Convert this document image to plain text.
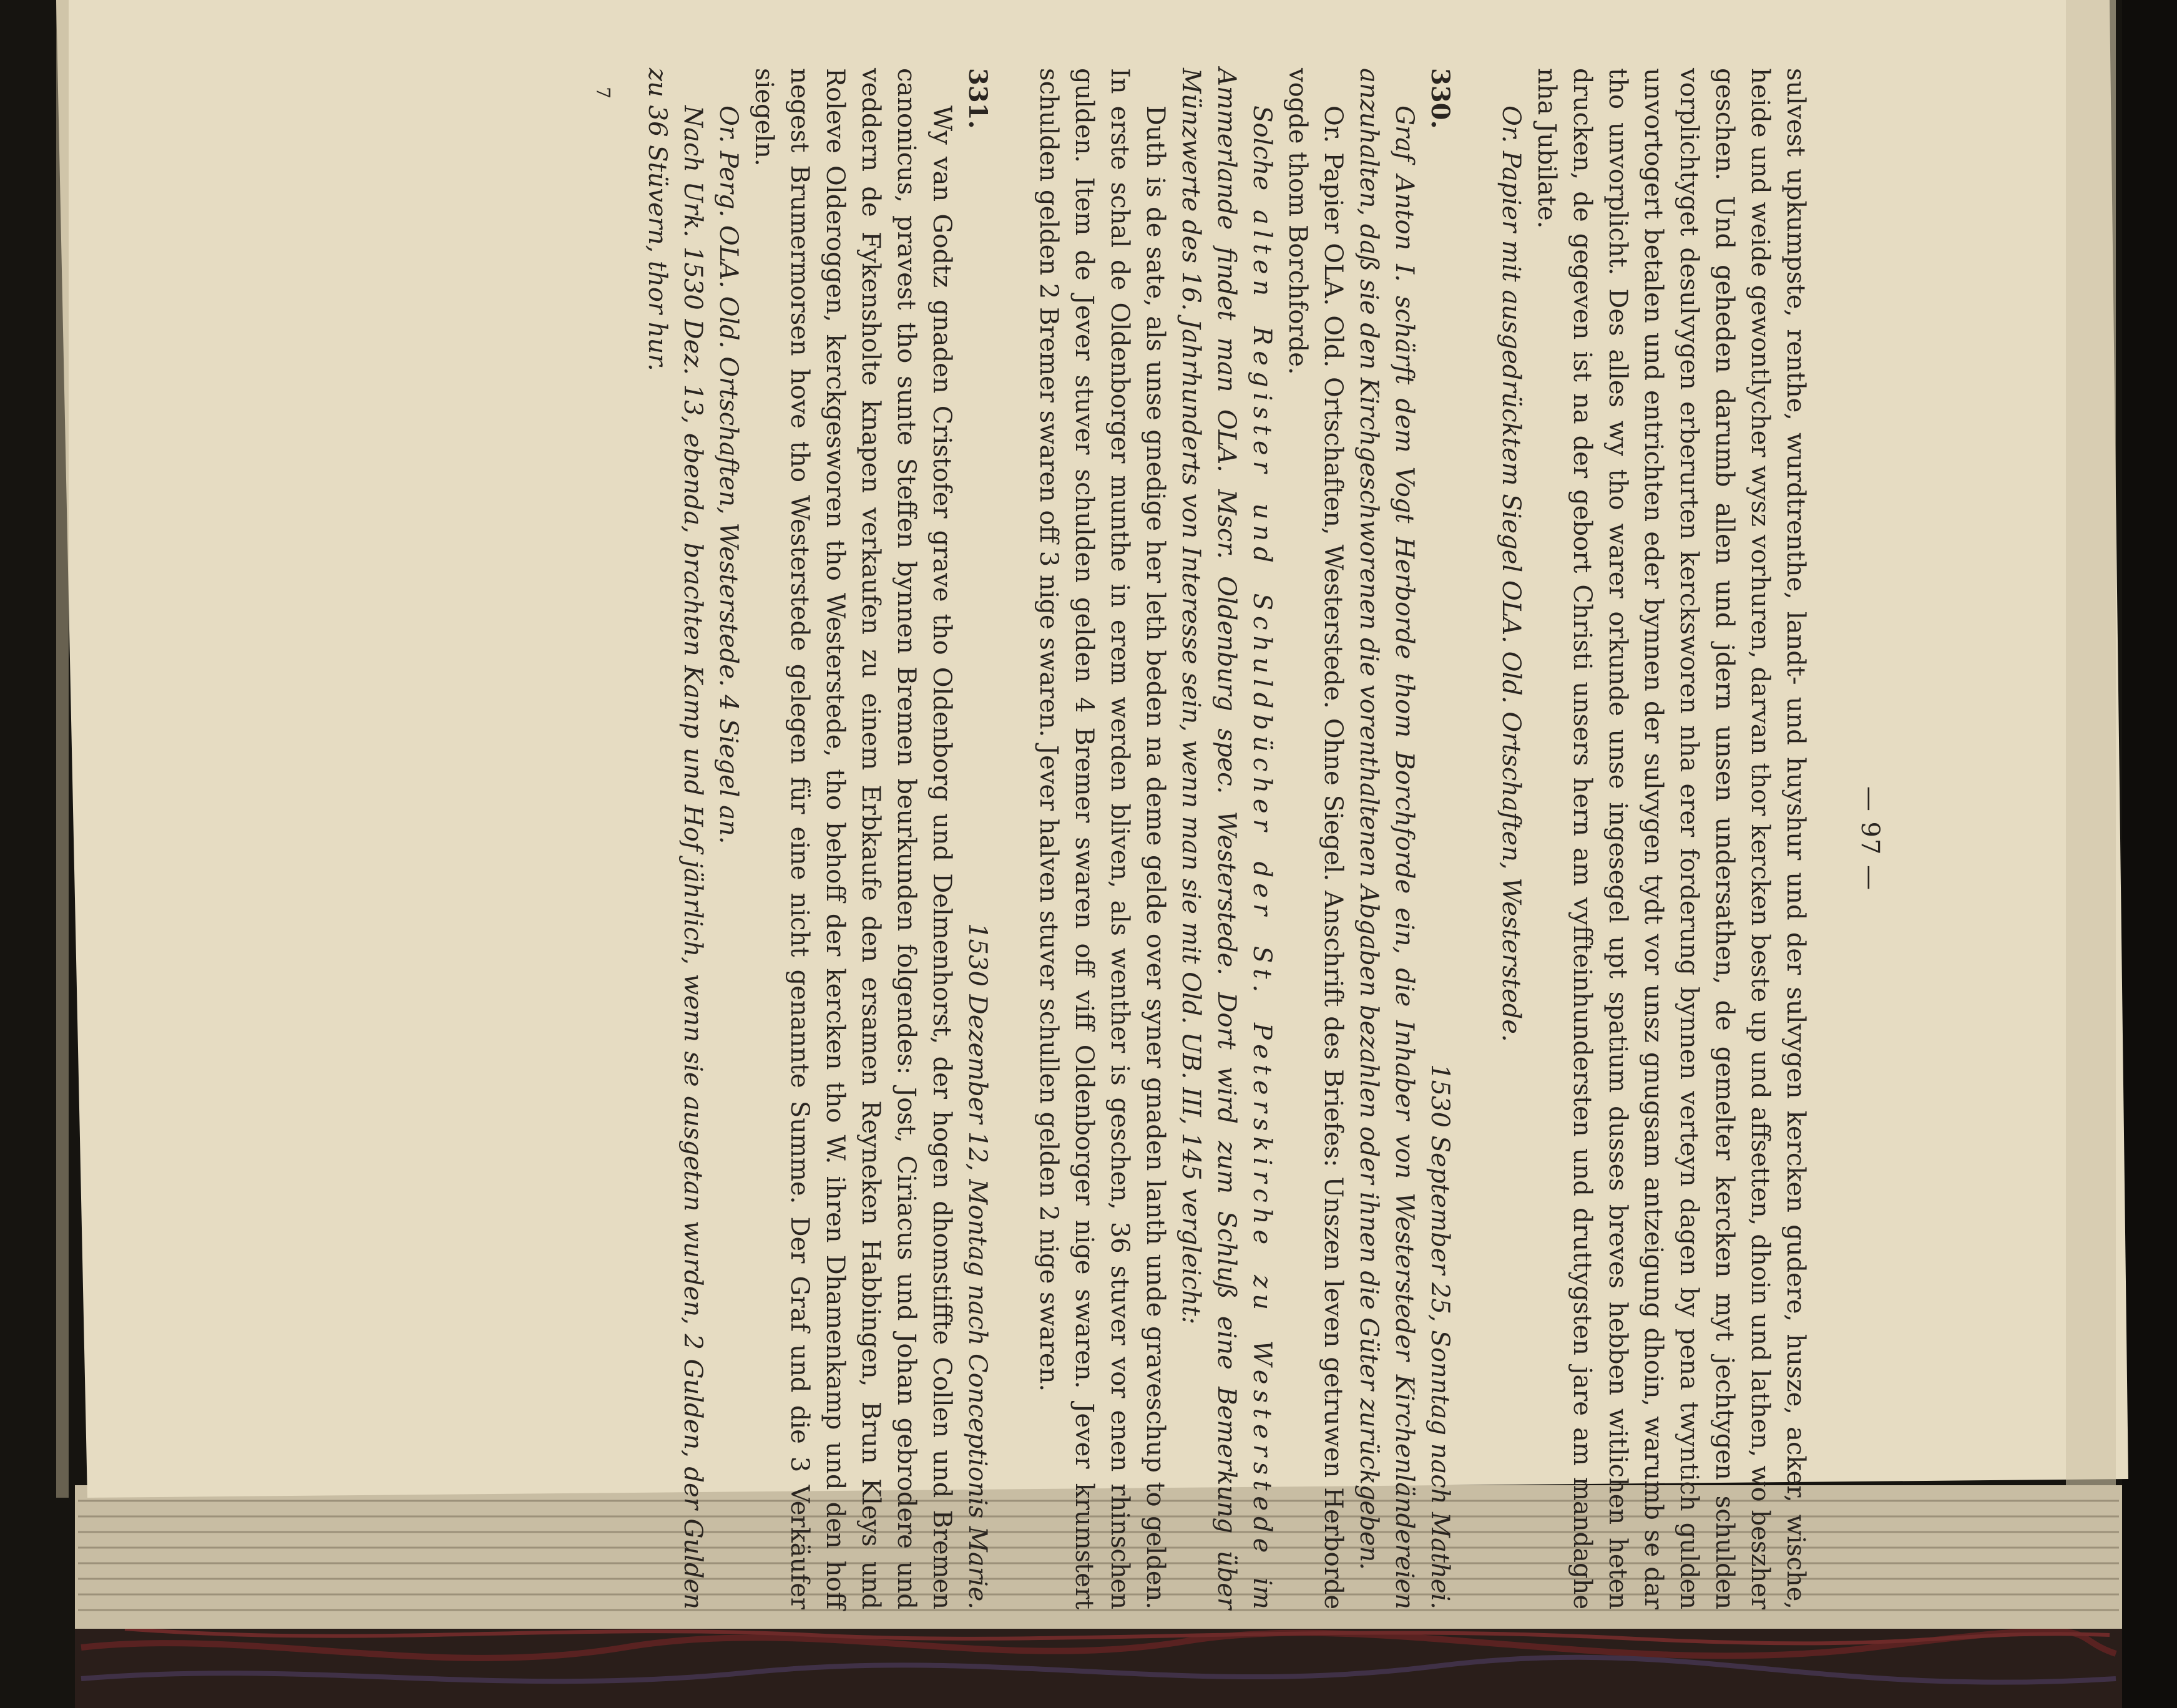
— 97 —

sulvest upkumpste, renthe, wurdtrenthe, landt- und huyshur und der sulvygen kercken gudere, husze, acker, wische, heide und weide gewontlycher wysz vorhuren, darvan thor kercken beste up und affsetten, dhoin und lathen, wo beszher geschen. Und geheden darumb allen und jdern unsen undersathen, de gemelter kercken myt jechtygen schulden vorplichtyget desulvygen erberurten kercksworen nha erer forderung bynnen verteyn dagen by pena twyntich gulden unvortogert betalen und entrichten eder bynnen der sulvygen tydt vor unsz gnugsam antzeigung dhoin, warumb se dar tho unvorplicht. Des alles wy tho warer orkunde unse ingesegel upt spatium dusses breves hebben witlichen heten drucken, de gegeven ist na der gebort Christi unsers hern am vyffteinhundersten und druttygsten jare am mandaghe nha Jubilate.

Or. Papier mit ausgedrücktem Siegel OLA. Old. Ortschaften, Westerstede.

330.
1530 September 25, Sonntag nach Mathei.

Graf Anton I. schärft dem Vogt Herborde thom Borchforde ein, die Inhaber von Westersteder Kirchenländereien anzuhalten, daß sie den Kirchgeschworenen die vorenthaltenen Abgaben bezahlen oder ihnen die Güter zurückgeben.

Or. Papier OLA. Old. Ortschaften, Westerstede. Ohne Siegel. Anschrift des Briefes: Unszen leven getruwen Herborde vogde thom Borchforde.

Solche alten Register und Schuldbücher der St. Peterskirche zu Westerstede im Ammerlande findet man OLA. Mscr. Oldenburg spec. Westerstede. Dort wird zum Schluß eine Bemerkung über Münzwerte des 16. Jahrhunderts von Interesse sein, wenn man sie mit Old. UB. III, 145 vergleicht:

Duth is de sate, als unse gnedige her leth beden na deme gelde over syner gnaden lanth unde graveschup to gelden. In erste schal de Oldenborger munthe in erem werden bliven, als wenther is geschen, 36 stuver vor enen rhinschen gulden. Item de Jever stuver schulden gelden 4 Bremer swaren off viff Oldenborger nige swaren. Jever krumstert schulden gelden 2 Bremer swaren off 3 nige swaren. Jever halven stuver schullen gelden 2 nige swaren.

331.
1530 Dezember 12, Montag nach Conceptionis Marie.

Wy van Godtz gnaden Cristofer grave tho Oldenborg und Delmenhorst, der hogen dhomstiffte Collen und Bremen canonicus, pravest tho sunte Steffen bynnen Bremen beurkunden folgendes: Jost, Ciriacus und Johan gebrodere und veddern de Fykensholte knapen verkaufen zu einem Erbkaufe den ersamen Reyneken Habbingen, Brun Kleys und Roleve Olderoggen, kerckgesworen tho Westerstede, tho behoff der kercken tho W. ihren Dhamenkamp und den hoff negest Brumermorsen hove tho Westerstede gelegen für eine nicht genannte Summe. Der Graf und die 3 Verkäufer siegeln.

Or. Perg. OLA. Old. Ortschaften, Westerstede. 4 Siegel an.

Nach Urk. 1530 Dez. 13, ebenda, brachten Kamp und Hof jährlich, wenn sie ausgetan wurden, 2 Gulden, der Gulden zu 36 Stüvern, thor hur.

7
